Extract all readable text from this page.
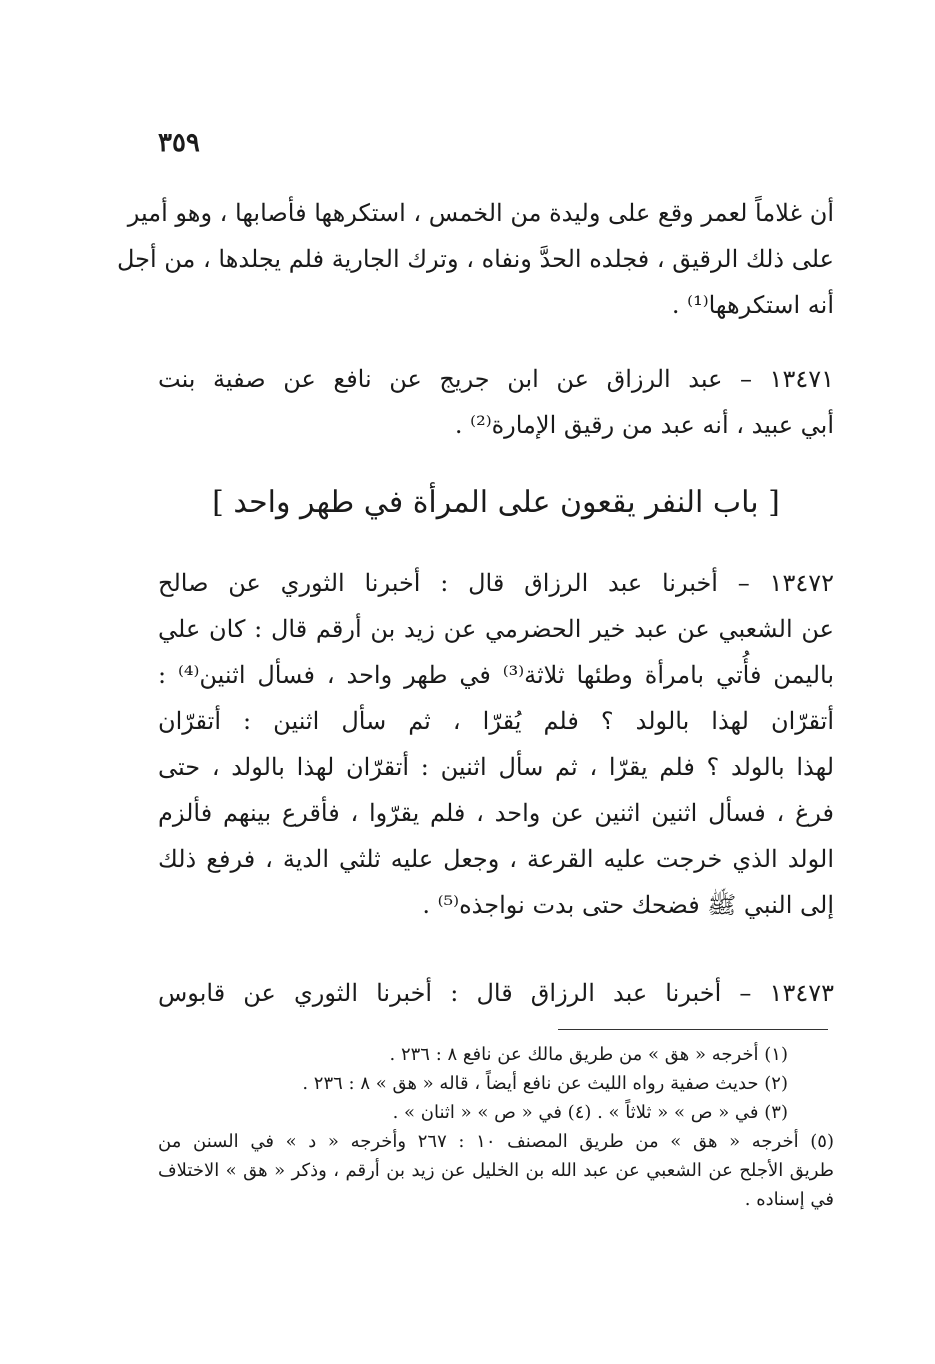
٣٥٩
أن غلاماً لعمر وقع على وليدة من الخمس ، استكرهها فأصابها ، وهو أمير
على ذلك الرقيق ، فجلده الحدَّ ونفاه ، وترك الجارية فلم يجلدها ، من أجل
أنه استكرهها⁽¹⁾ .
١٣٤٧١ – عبد الرزاق عن ابن جريج عن نافع عن صفية بنت
أبي عبيد ، أنه عبد من رقيق الإمارة⁽²⁾ .
[ باب النفر يقعون على المرأة في طهر واحد ]
١٣٤٧٢ – أخبرنا عبد الرزاق قال : أخبرنا الثوري عن صالح
عن الشعبي عن عبد خير الحضرمي عن زيد بن أرقم قال : كان علي
باليمن فأُتي بامرأة وطئها ثلاثة⁽³⁾ في طهر واحد ، فسأل اثنين⁽⁴⁾ :
أتقرّان لهذا بالولد ؟ فلم يُقرّا ، ثم سأل اثنين : أتقرّان
لهذا بالولد ؟ فلم يقرّا ، ثم سأل اثنين : أتقرّان لهذا بالولد ، حتى
فرغ ، فسأل اثنين اثنين عن واحد ، فلم يقرّوا ، فأقرع بينهم فألزم
الولد الذي خرجت عليه القرعة ، وجعل عليه ثلثي الدية ، فرفع ذلك
إلى النبي ﷺ فضحك حتى بدت نواجذه⁽⁵⁾ .
١٣٤٧٣ – أخبرنا عبد الرزاق قال : أخبرنا الثوري عن قابوس
(١) أخرجه « هق » من طريق مالك عن نافع ٨ : ٢٣٦ .
(٢) حديث صفية رواه الليث عن نافع أيضاً ، قاله « هق » ٨ : ٢٣٦ .
(٣) في « ص » « ثلاثاً » . (٤) في « ص » « اثنان » .
(٥) أخرجه « هق » من طريق المصنف ١٠ : ٢٦٧ وأخرجه « د » في السنن من
طريق الأجلح عن الشعبي عن عبد الله بن الخليل عن زيد بن أرقم ، وذكر « هق » الاختلاف
في إسناده .
